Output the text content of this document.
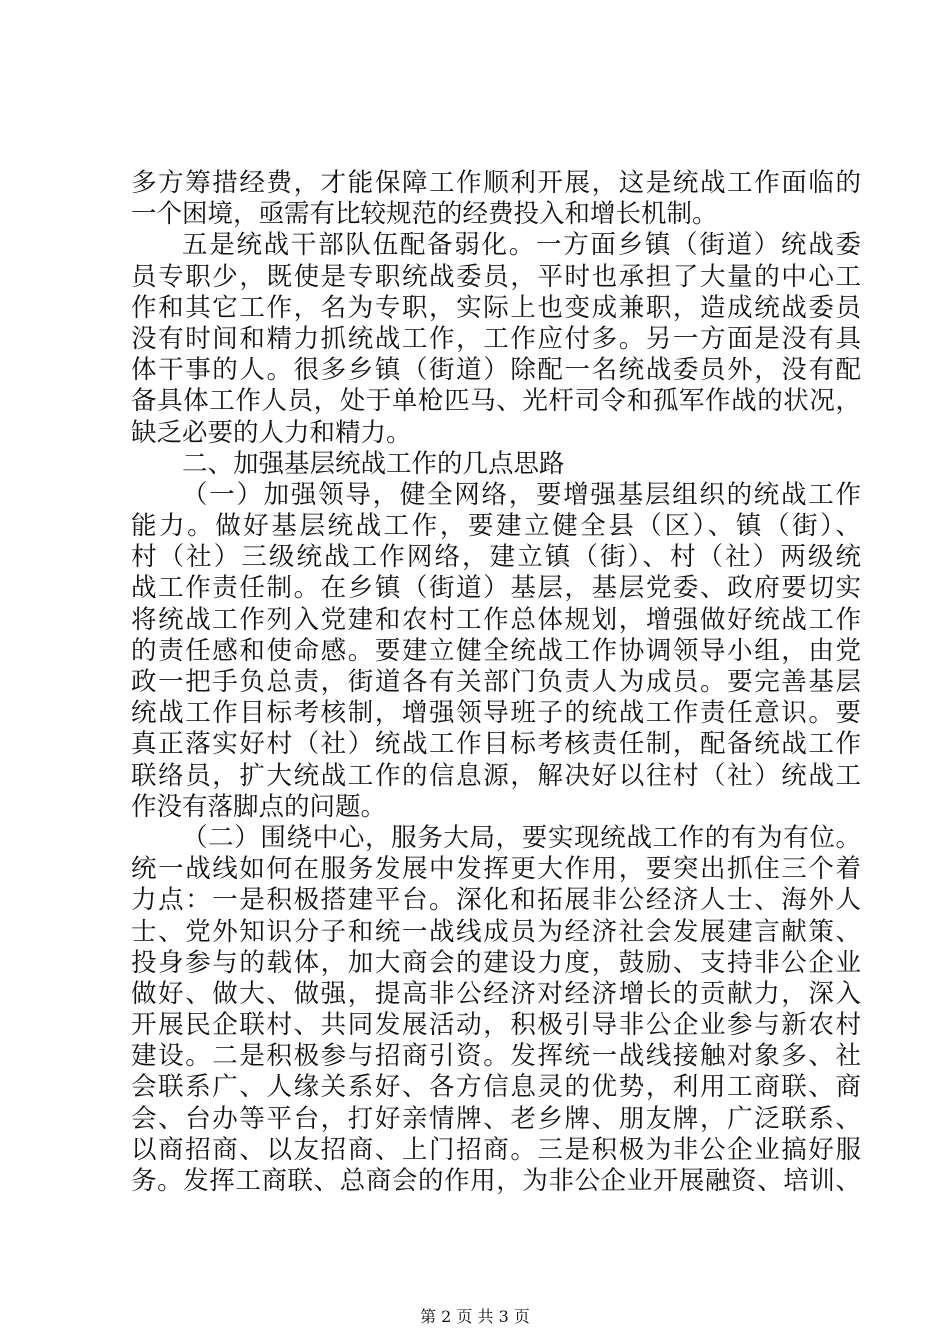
多方筹措经费，才能保障工作顺利开展，这是统战工作面临的
一个困境，亟需有比较规范的经费投入和增长机制。
五是统战干部队伍配备弱化。一方面乡镇（街道）统战委
员专职少，既使是专职统战委员，平时也承担了大量的中心工
作和其它工作，名为专职，实际上也变成兼职，造成统战委员
没有时间和精力抓统战工作，工作应付多。另一方面是没有具
体干事的人。很多乡镇（街道）除配一名统战委员外，没有配
备具体工作人员，处于单枪匹马、光杆司令和孤军作战的状况，
缺乏必要的人力和精力。
二、加强基层统战工作的几点思路
（一）加强领导，健全网络，要增强基层组织的统战工作
能力。做好基层统战工作，要建立健全县（区）、镇（街）、
村（社）三级统战工作网络，建立镇（街）、村（社）两级统
战工作责任制。在乡镇（街道）基层，基层党委、政府要切实
将统战工作列入党建和农村工作总体规划，增强做好统战工作
的责任感和使命感。要建立健全统战工作协调领导小组，由党
政一把手负总责，街道各有关部门负责人为成员。要完善基层
统战工作目标考核制，增强领导班子的统战工作责任意识。要
真正落实好村（社）统战工作目标考核责任制，配备统战工作
联络员，扩大统战工作的信息源，解决好以往村（社）统战工
作没有落脚点的问题。
（二）围绕中心，服务大局，要实现统战工作的有为有位。
统一战线如何在服务发展中发挥更大作用，要突出抓住三个着
力点：一是积极搭建平台。深化和拓展非公经济人士、海外人
士、党外知识分子和统一战线成员为经济社会发展建言献策、
投身参与的载体，加大商会的建设力度，鼓励、支持非公企业
做好、做大、做强，提高非公经济对经济增长的贡献力，深入
开展民企联村、共同发展活动，积极引导非公企业参与新农村
建设。二是积极参与招商引资。发挥统一战线接触对象多、社
会联系广、人缘关系好、各方信息灵的优势，利用工商联、商
会、台办等平台，打好亲情牌、老乡牌、朋友牌，广泛联系、
以商招商、以友招商、上门招商。三是积极为非公企业搞好服
务。发挥工商联、总商会的作用，为非公企业开展融资、培训、
第 2 页 共 3 页
